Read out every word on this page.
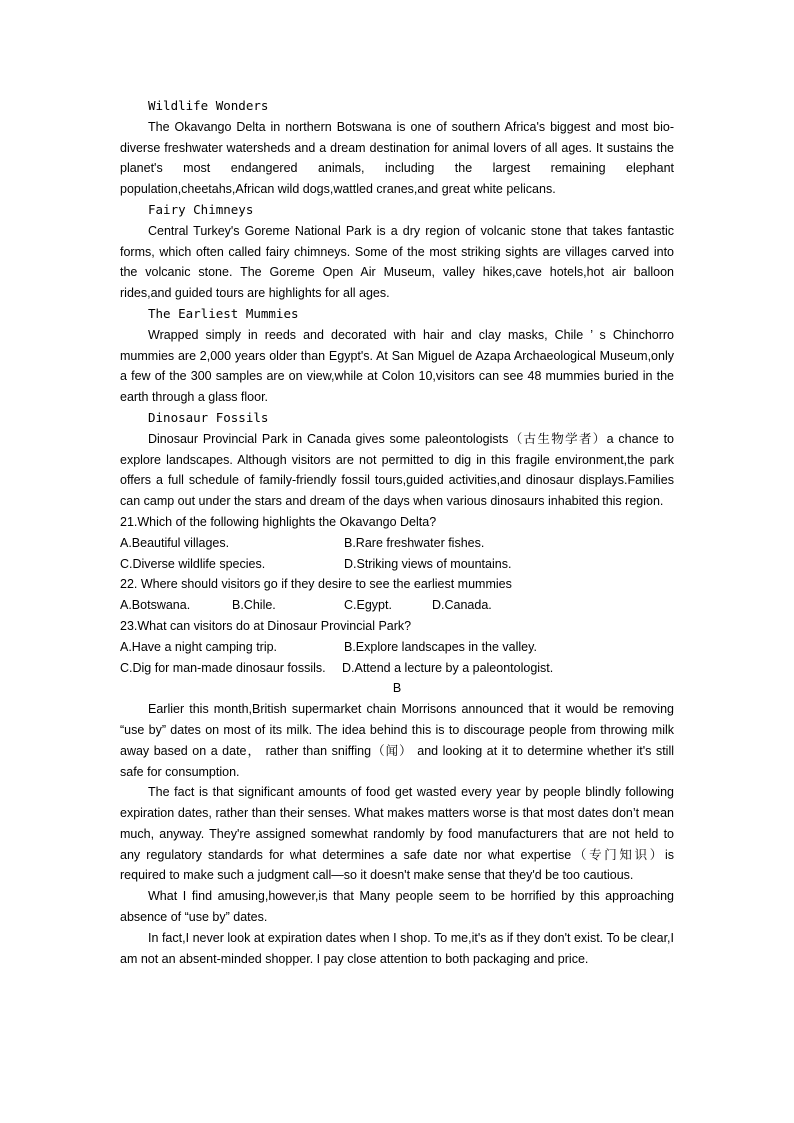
Wildlife Wonders

The Okavango Delta in northern Botswana is one of southern Africa's biggest and most bio-diverse freshwater watersheds and a dream destination for animal lovers of all ages. It sustains the planet's most endangered animals, including the largest remaining elephant population,cheetahs,African wild dogs,wattled cranes,and great white pelicans.

Fairy Chimneys

Central Turkey's Goreme National Park is a dry region of volcanic stone that takes fantastic forms, which often called fairy chimneys. Some of the most striking sights are villages carved into the volcanic stone. The Goreme Open Air Museum, valley hikes,cave hotels,hot air balloon rides,and guided tours are highlights for all ages.

The Earliest Mummies

Wrapped simply in reeds and decorated with hair and clay masks, Chile ’ s Chinchorro mummies are 2,000 years older than Egypt's. At San Miguel de Azapa Archaeological Museum,only a few of the 300 samples are on view,while at Colon 10,visitors can see 48 mummies buried in the earth through a glass floor.

Dinosaur Fossils

Dinosaur Provincial Park in Canada gives some paleontologists（古生物学者）a chance to explore landscapes. Although visitors are not permitted to dig in this fragile environment,the park offers a full schedule of family-friendly fossil tours,guided activities,and dinosaur displays.Families can camp out under the stars and dream of the days when various dinosaurs inhabited this region.

21.Which of the following highlights the Okavango Delta?

A.Beautiful villages.	B.Rare freshwater fishes.
C.Diverse wildlife species.	D.Striking views of mountains.

22. Where should visitors go if they desire to see the earliest mummies

A.Botswana.	B.Chile.	C.Egypt.	D.Canada.

23.What can visitors do at Dinosaur Provincial Park?

A.Have a night camping trip.	B.Explore landscapes in the valley.
C.Dig for man-made dinosaur fossils.	D.Attend a lecture by a paleontologist.

B

Earlier this month,British supermarket chain Morrisons announced that it would be removing “use by” dates on most of its milk. The idea behind this is to discourage people from throwing milk away based on a date， rather than sniffing（闻） and looking at it to determine whether it's still safe for consumption.

The fact is that significant amounts of food get wasted every year by people blindly following expiration dates, rather than their senses. What makes matters worse is that most dates don’t mean much, anyway. They're assigned somewhat randomly by food manufacturers that are not held to any regulatory standards for what determines a safe date nor what expertise（专门知识）is required to make such a judgment call—so it doesn't make sense that they'd be too cautious.

What I find amusing,however,is that Many people seem to be horrified by this approaching absence of “use by” dates.

In fact,I never look at expiration dates when I shop. To me,it's as if they don't exist. To be clear,I am not an absent-minded shopper. I pay close attention to both packaging and price.
